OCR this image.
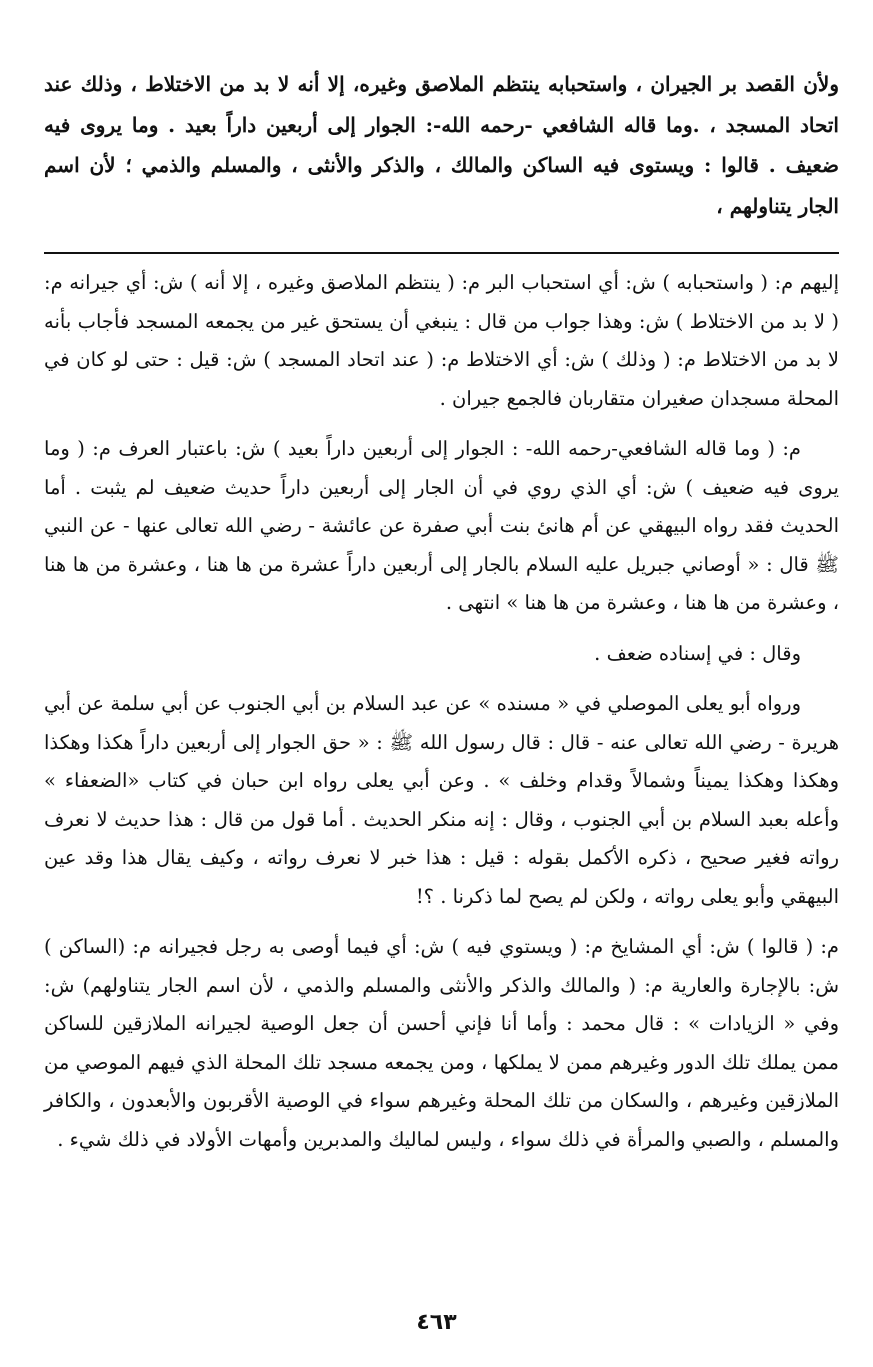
ولأن القصد بر الجيران ، واستحبابه ينتظم الملاصق وغيره، إلا أنه لا بد من الاختلاط ، وذلك عند اتحاد المسجد ، .وما قاله الشافعي -رحمه الله-: الجوار إلى أربعين داراً بعيد . وما يروى فيه ضعيف . قالوا : ويستوى فيه الساكن والمالك ، والذكر والأنثى ، والمسلم والذمي ؛ لأن اسم الجار يتناولهم ،

إليهم م: ( واستحبابه ) ش: أي استحباب البر م: ( ينتظم الملاصق وغيره ، إلا أنه ) ش: أي جيرانه م: ( لا بد من الاختلاط ) ش: وهذا جواب من قال : ينبغي أن يستحق غير من يجمعه المسجد فأجاب بأنه لا بد من الاختلاط م: ( وذلك ) ش: أي الاختلاط م: ( عند اتحاد المسجد ) ش: قيل : حتى لو كان في المحلة مسجدان صغيران متقاربان فالجمع جيران .

م: ( وما قاله الشافعي-رحمه الله- : الجوار إلى أربعين داراً بعيد ) ش: باعتبار العرف م: ( وما يروى فيه ضعيف ) ش: أي الذي روي في أن الجار إلى أربعين داراً حديث ضعيف لم يثبت . أما الحديث فقد رواه البيهقي عن أم هانئ بنت أبي صفرة عن عائشة - رضي الله تعالى عنها - عن النبي ﷺ قال : « أوصاني جبريل عليه السلام بالجار إلى أربعين داراً عشرة من ها هنا ، وعشرة من ها هنا ، وعشرة من ها هنا ، وعشرة من ها هنا » انتهى .

وقال : في إسناده ضعف .

ورواه أبو يعلى الموصلي في « مسنده » عن عبد السلام بن أبي الجنوب عن أبي سلمة عن أبي هريرة - رضي الله تعالى عنه - قال : قال رسول الله ﷺ : « حق الجوار إلى أربعين داراً هكذا وهكذا وهكذا وهكذا يميناً وشمالاً وقدام وخلف » . وعن أبي يعلى رواه ابن حبان في كتاب «الضعفاء » وأعله بعبد السلام بن أبي الجنوب ، وقال : إنه منكر الحديث . أما قول من قال : هذا حديث لا نعرف رواته فغير صحيح ، ذكره الأكمل بقوله : قيل : هذا خبر لا نعرف رواته ، وكيف يقال هذا وقد عين البيهقي وأبو يعلى رواته ، ولكن لم يصح لما ذكرنا . ؟!

م: ( قالوا ) ش: أي المشايخ م: ( ويستوي فيه ) ش: أي فيما أوصى به رجل فجيرانه م: (الساكن ) ش: بالإجارة والعارية م: ( والمالك والذكر والأنثى والمسلم والذمي ، لأن اسم الجار يتناولهم) ش: وفي « الزيادات » : قال محمد : وأما أنا فإني أحسن أن جعل الوصية لجيرانه الملازقين للساكن ممن يملك تلك الدور وغيرهم ممن لا يملكها ، ومن يجمعه مسجد تلك المحلة الذي فيهم الموصي من الملازقين وغيرهم ، والسكان من تلك المحلة وغيرهم سواء في الوصية الأقربون والأبعدون ، والكافر والمسلم ، والصبي والمرأة في ذلك سواء ، وليس لماليك والمدبرين وأمهات الأولاد في ذلك شيء .

٤٦٣
